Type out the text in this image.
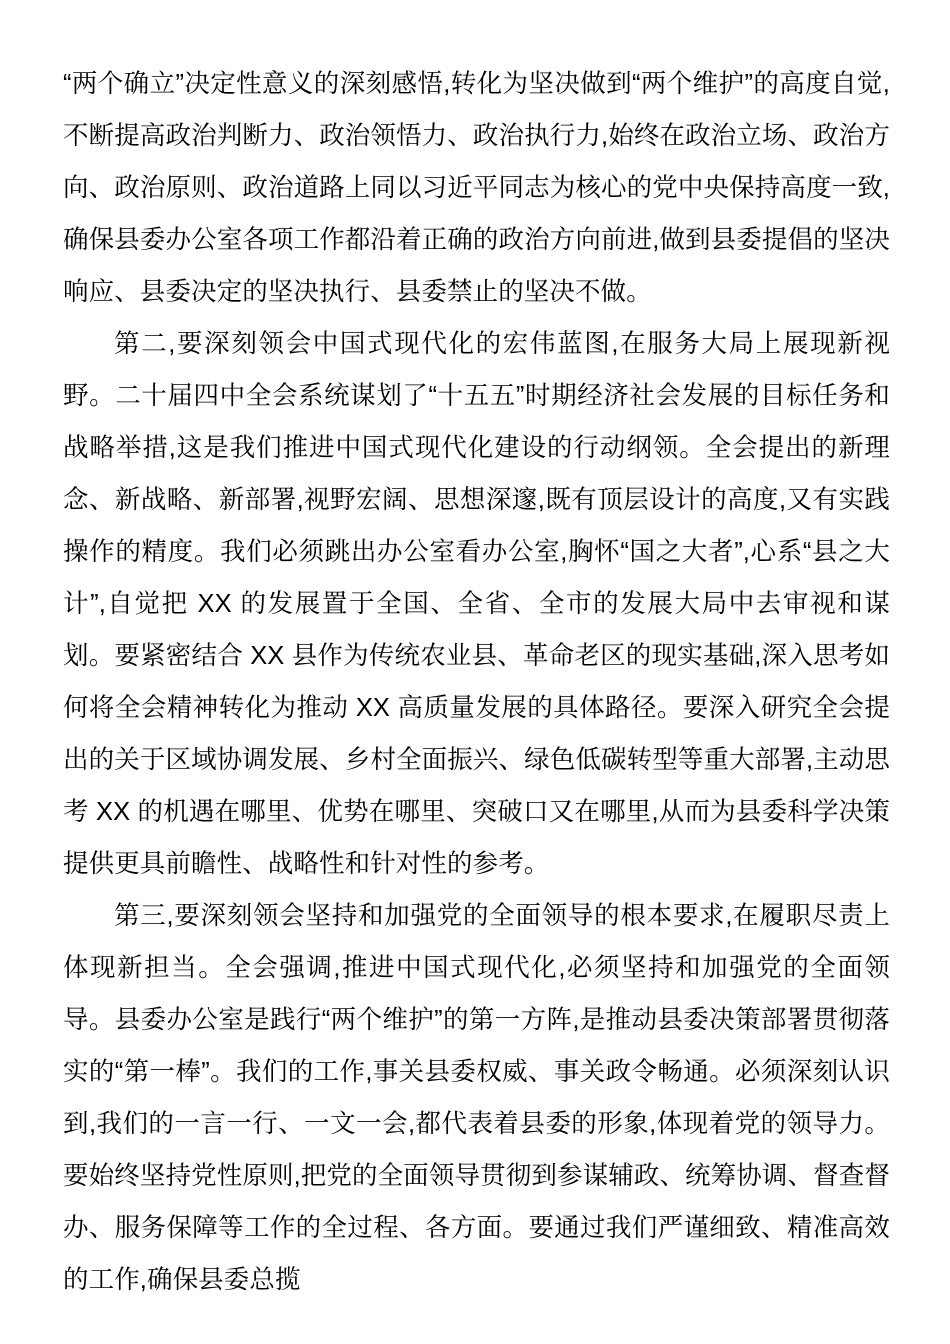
“两个确立”决定性意义的深刻感悟,转化为坚决做到“两个维护”的高度自觉,不断提高政治判断力、政治领悟力、政治执行力,始终在政治立场、政治方向、政治原则、政治道路上同以习近平同志为核心的党中央保持高度一致,确保县委办公室各项工作都沿着正确的政治方向前进,做到县委提倡的坚决响应、县委决定的坚决执行、县委禁止的坚决不做。

第二,要深刻领会中国式现代化的宏伟蓝图,在服务大局上展现新视野。二十届四中全会系统谋划了“十五五”时期经济社会发展的目标任务和战略举措,这是我们推进中国式现代化建设的行动纲领。全会提出的新理念、新战略、新部署,视野宏阔、思想深邃,既有顶层设计的高度,又有实践操作的精度。我们必须跳出办公室看办公室,胸怀“国之大者”,心系“县之大计”,自觉把 XX 的发展置于全国、全省、全市的发展大局中去审视和谋划。要紧密结合 XX 县作为传统农业县、革命老区的现实基础,深入思考如何将全会精神转化为推动 XX 高质量发展的具体路径。要深入研究全会提出的关于区域协调发展、乡村全面振兴、绿色低碳转型等重大部署,主动思考 XX 的机遇在哪里、优势在哪里、突破口又在哪里,从而为县委科学决策提供更具前瞻性、战略性和针对性的参考。

第三,要深刻领会坚持和加强党的全面领导的根本要求,在履职尽责上体现新担当。全会强调,推进中国式现代化,必须坚持和加强党的全面领导。县委办公室是践行“两个维护”的第一方阵,是推动县委决策部署贯彻落实的“第一棒”。我们的工作,事关县委权威、事关政令畅通。必须深刻认识到,我们的一言一行、一文一会,都代表着县委的形象,体现着党的领导力。要始终坚持党性原则,把党的全面领导贯彻到参谋辅政、统筹协调、督查督办、服务保障等工作的全过程、各方面。要通过我们严谨细致、精准高效的工作,确保县委总揽
